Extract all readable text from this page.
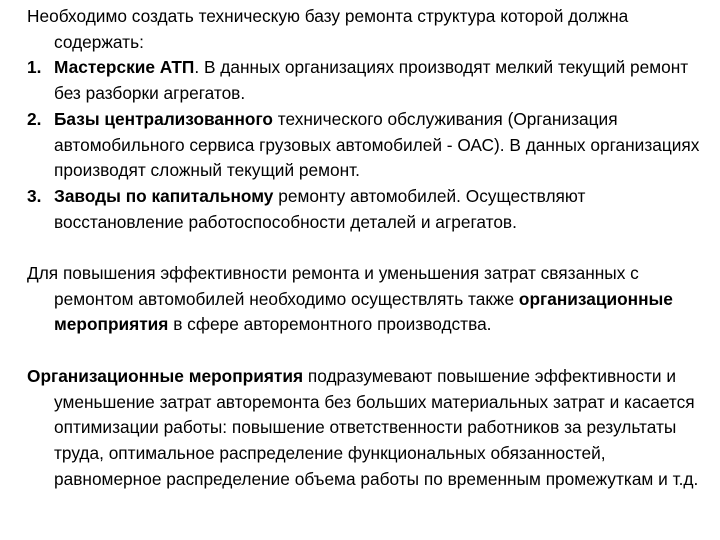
Необходимо создать техническую базу ремонта структура которой должна содержать:

1. Мастерские АТП. В данных организациях производят мелкий текущий ремонт без разборки агрегатов.
2. Базы централизованного технического обслуживания (Организация автомобильного сервиса грузовых автомобилей - ОАС). В данных организациях производят сложный текущий ремонт.
3. Заводы по капитальному ремонту автомобилей. Осуществляют восстановление работоспособности деталей и агрегатов.

Для повышения эффективности ремонта и уменьшения затрат связанных с ремонтом автомобилей необходимо осуществлять также организационные мероприятия в сфере авторемонтного производства.

Организационные мероприятия подразумевают повышение эффективности и уменьшение затрат авторемонта без больших материальных затрат и касается оптимизации работы: повышение ответственности работников за результаты труда, оптимальное распределение функциональных обязанностей, равномерное распределение объема работы по временным промежуткам и т.д.
